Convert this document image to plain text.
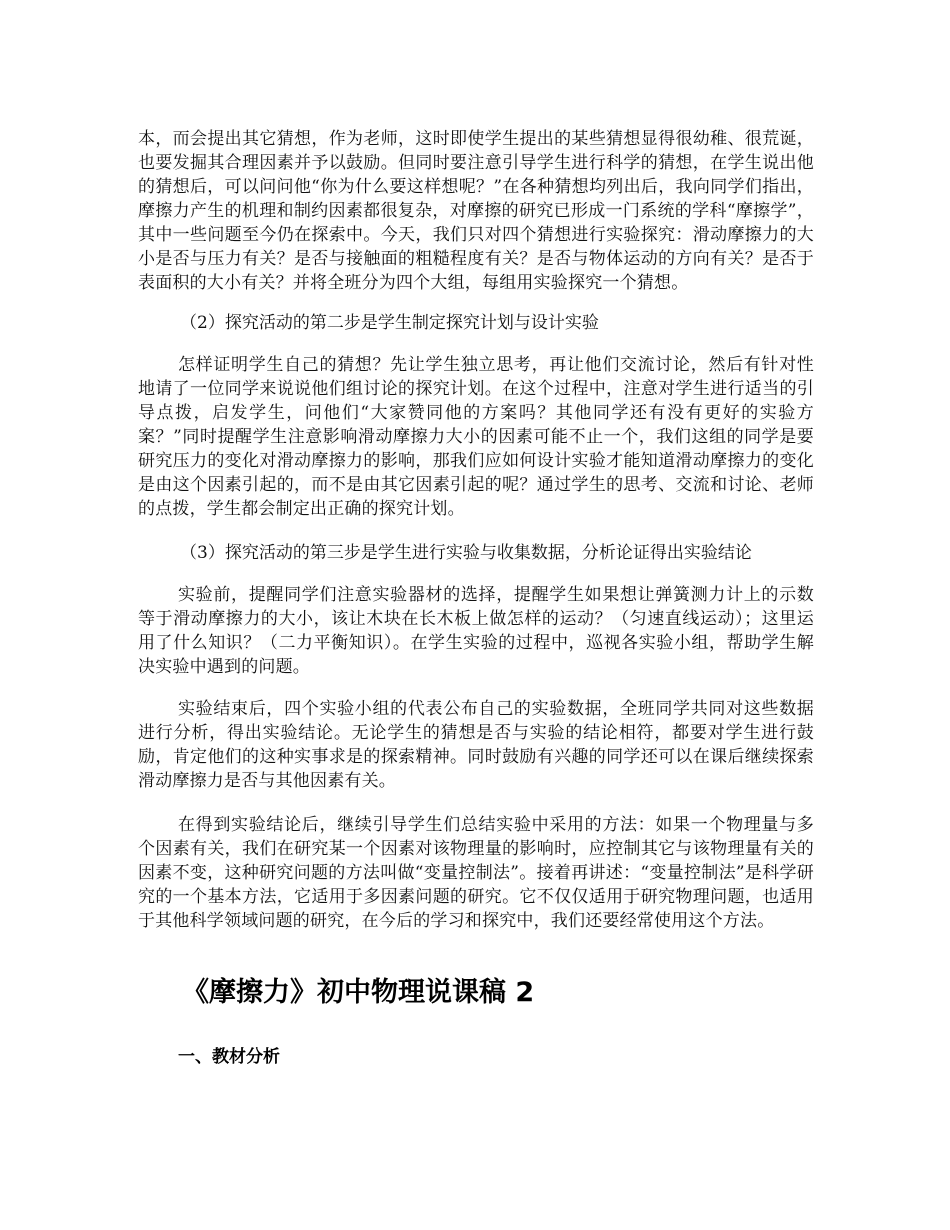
本，而会提出其它猜想，作为老师，这时即使学生提出的某些猜想显得很幼稚、很荒诞，也要发掘其合理因素并予以鼓励。但同时要注意引导学生进行科学的猜想，在学生说出他的猜想后，可以问问他“你为什么要这样想呢？”在各种猜想均列出后，我向同学们指出，摩擦力产生的机理和制约因素都很复杂，对摩擦的研究已形成一门系统的学科“摩擦学”，其中一些问题至今仍在探索中。今天，我们只对四个猜想进行实验探究：滑动摩擦力的大小是否与压力有关？是否与接触面的粗糙程度有关？是否与物体运动的方向有关？是否于表面积的大小有关？并将全班分为四个大组，每组用实验探究一个猜想。

（2）探究活动的第二步是学生制定探究计划与设计实验

怎样证明学生自己的猜想？先让学生独立思考，再让他们交流讨论，然后有针对性地请了一位同学来说说他们组讨论的探究计划。在这个过程中，注意对学生进行适当的引导点拨，启发学生，问他们“大家赞同他的方案吗？其他同学还有没有更好的实验方案？”同时提醒学生注意影响滑动摩擦力大小的因素可能不止一个，我们这组的同学是要研究压力的变化对滑动摩擦力的影响，那我们应如何设计实验才能知道滑动摩擦力的变化是由这个因素引起的，而不是由其它因素引起的呢？通过学生的思考、交流和讨论、老师的点拨，学生都会制定出正确的探究计划。

（3）探究活动的第三步是学生进行实验与收集数据，分析论证得出实验结论

实验前，提醒同学们注意实验器材的选择，提醒学生如果想让弹簧测力计上的示数等于滑动摩擦力的大小，该让木块在长木板上做怎样的运动？（匀速直线运动）；这里运用了什么知识？（二力平衡知识）。在学生实验的过程中，巡视各实验小组，帮助学生解决实验中遇到的问题。

实验结束后，四个实验小组的代表公布自己的实验数据，全班同学共同对这些数据进行分析，得出实验结论。无论学生的猜想是否与实验的结论相符，都要对学生进行鼓励，肯定他们的这种实事求是的探索精神。同时鼓励有兴趣的同学还可以在课后继续探索滑动摩擦力是否与其他因素有关。

在得到实验结论后，继续引导学生们总结实验中采用的方法：如果一个物理量与多个因素有关，我们在研究某一个因素对该物理量的影响时，应控制其它与该物理量有关的因素不变，这种研究问题的方法叫做“变量控制法”。接着再讲述：“变量控制法”是科学研究的一个基本方法，它适用于多因素问题的研究。它不仅仅适用于研究物理问题，也适用于其他科学领域问题的研究，在今后的学习和探究中，我们还要经常使用这个方法。

《摩擦力》初中物理说课稿 2
一、教材分析
